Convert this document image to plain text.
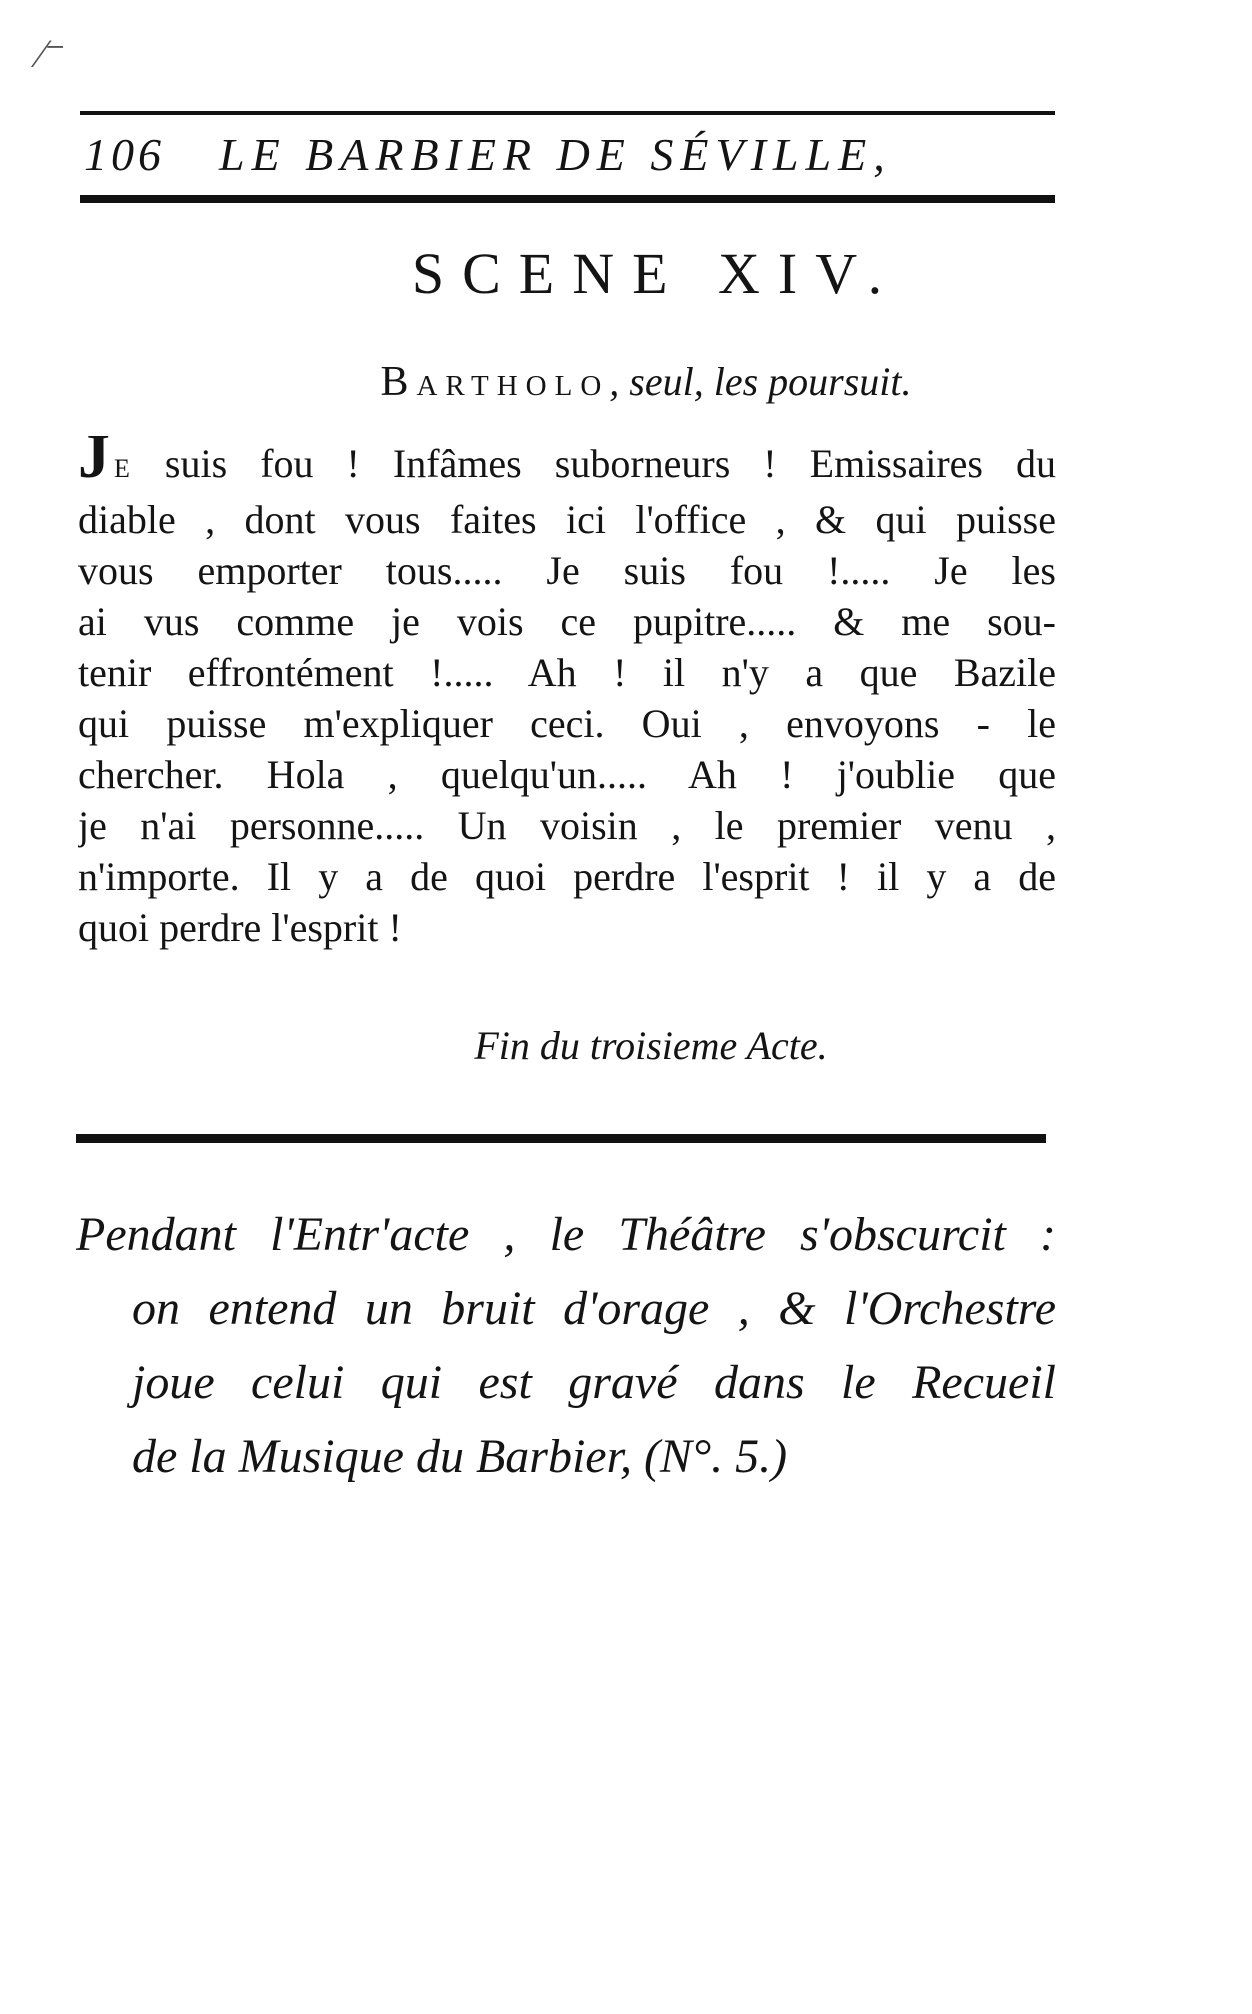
⁄⁻
106 LE BARBIER DE SÉVILLE,
SCENE XIV.
Bartholo, seul, les poursuit.
J E suis fou ! Infâmes suborneurs ! Emissaires du
diable , dont vous faites ici l'office , & qui puisse
vous emporter tous..... Je suis fou !..... Je les
ai vus comme je vois ce pupitre..... & me sou-
tenir effrontément !..... Ah ! il n'y a que Bazile
qui puisse m'expliquer ceci. Oui , envoyons - le
chercher. Hola , quelqu'un..... Ah ! j'oublie que
je n'ai personne..... Un voisin , le premier venu ,
n'importe. Il y a de quoi perdre l'esprit ! il y a de
quoi perdre l'esprit !
Fin du troisieme Acte.
Pendant l'Entr'acte , le Théâtre s'obscurcit :
on entend un bruit d'orage , & l'Orchestre
joue celui qui est gravé dans le Recueil
de la Musique du Barbier, (N°. 5.)
